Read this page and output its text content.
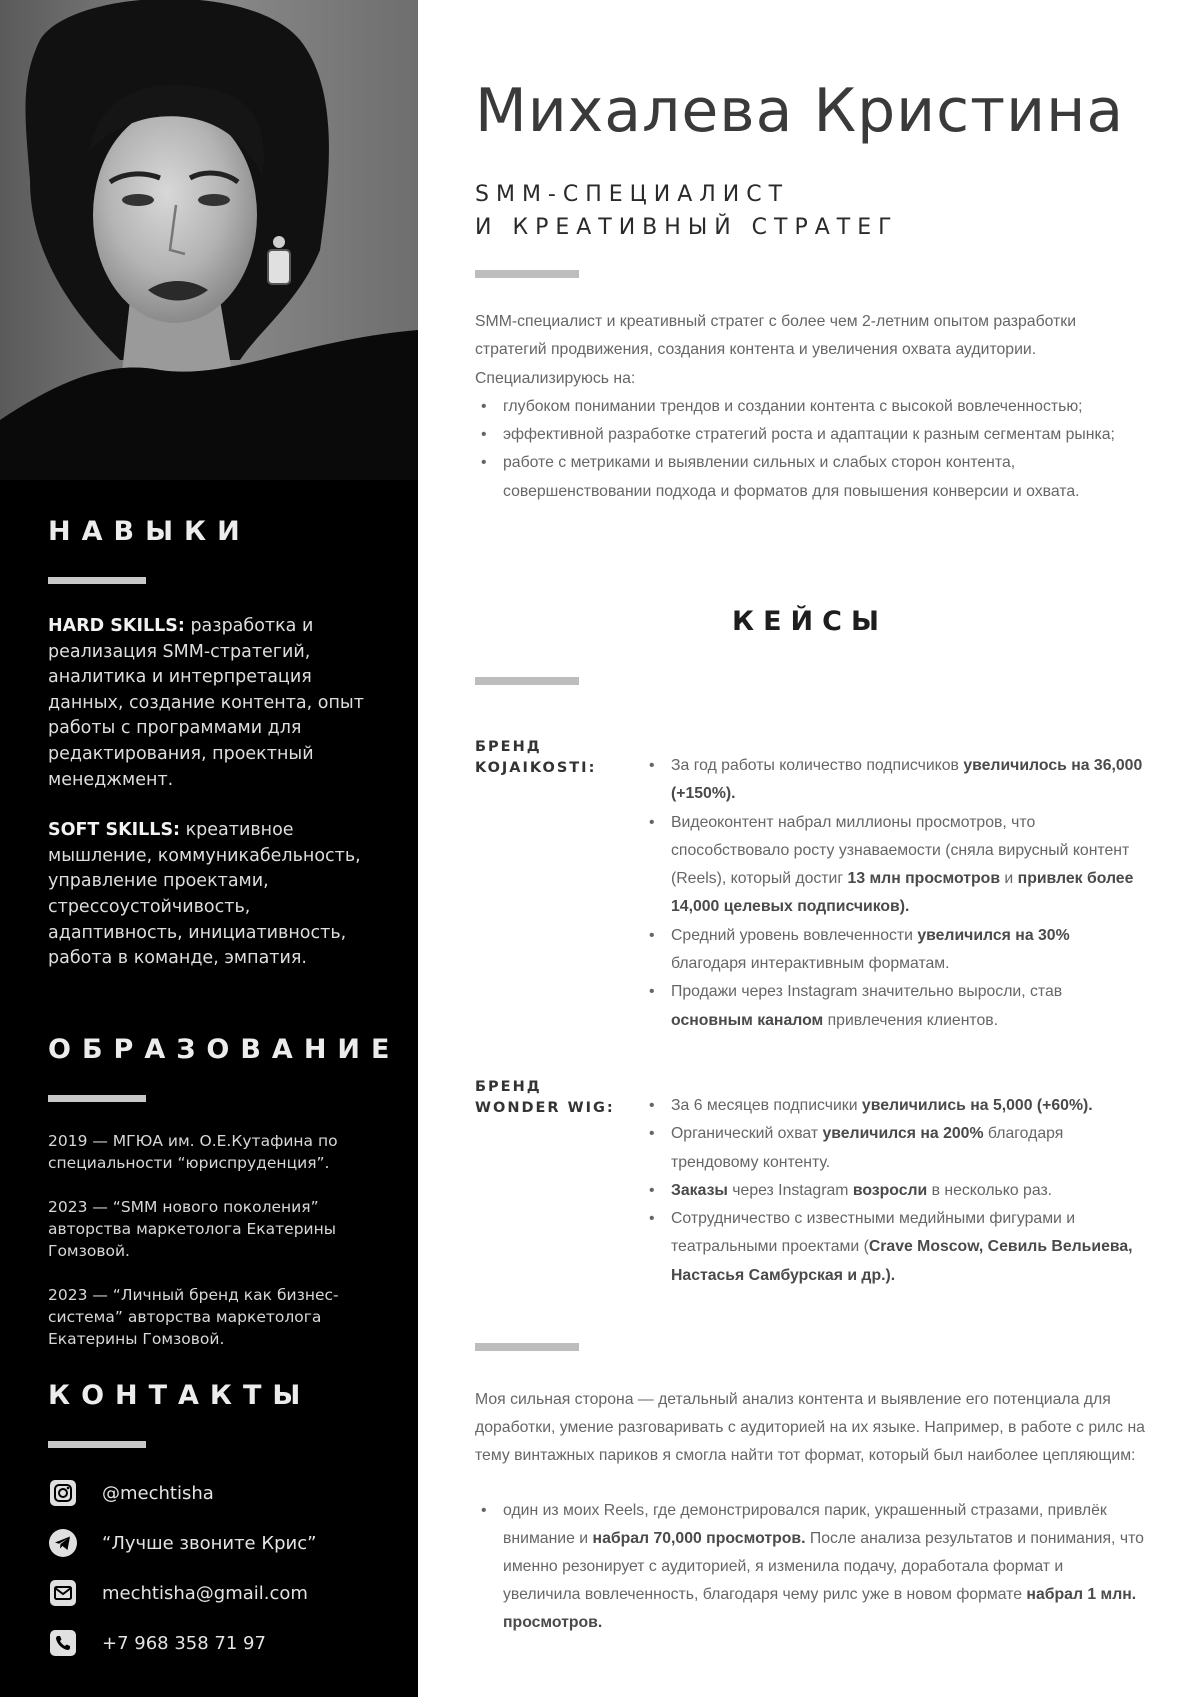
НАВЫКИ
HARD SKILLS: разработка и реализация SMM-стратегий, аналитика и интерпретация данных, создание контента, опыт работы с программами для редактирования, проектный менеджмент.
SOFT SKILLS: креативное мышление, коммуникабельность, управление проектами, стрессоустойчивость, адаптивность, инициативность, работа в команде, эмпатия.
ОБРАЗОВАНИЕ
2019 — МГЮА им. О.Е.Кутафина по специальности “юриспруденция”.
2023 — “SMM нового поколения” авторства маркетолога Екатерины Гомзовой.
2023 — “Личный бренд как бизнес-система” авторства маркетолога Екатерины Гомзовой.
КОНТАКТЫ
@mechtisha
“Лучше звоните Крис”
mechtisha@gmail.com
+7 968 358 71 97
Михалева Кристина
SMM-СПЕЦИАЛИСТ
И КРЕАТИВНЫЙ СТРАТЕГ
SMM-специалист и креативный стратег с более чем 2-летним опытом разработки стратегий продвижения, создания контента и увеличения охвата аудитории. Специализируюсь на:
• глубоком понимании трендов и создании контента с высокой вовлеченностью;
• эффективной разработке стратегий роста и адаптации к разным сегментам рынка;
• работе с метриками и выявлении сильных и слабых сторон контента, совершенствовании подхода и форматов для повышения конверсии и охвата.
КЕЙСЫ
БРЕНД
KOJAIKOSTI:	• За год работы количество подписчиков увеличилось на 36,000 (+150%).
• Видеоконтент набрал миллионы просмотров, что способствовало росту узнаваемости (сняла вирусный контент (Reels), который достиг 13 млн просмотров и привлек более 14,000 целевых подписчиков).
• Средний уровень вовлеченности увеличился на 30% благодаря интерактивным форматам.
• Продажи через Instagram значительно выросли, став основным каналом привлечения клиентов.
БРЕНД
WONDER WIG:	• За 6 месяцев подписчики увеличились на 5,000 (+60%).
• Органический охват увеличился на 200% благодаря трендовому контенту.
• Заказы через Instagram возросли в несколько раз.
• Сотрудничество с известными медийными фигурами и театральными проектами (Crave Moscow, Севиль Вельиева, Настасья Самбурская и др.).
Моя сильная сторона — детальный анализ контента и выявление его потенциала для доработки, умение разговаривать с аудиторией на их языке. Например, в работе с рилс на тему винтажных париков я смогла найти тот формат, который был наиболее цепляющим:
• один из моих Reels, где демонстрировался парик, украшенный стразами, привлёк внимание и набрал 70,000 просмотров. После анализа результатов и понимания, что именно резонирует с аудиторией, я изменила подачу, доработала формат и увеличила вовлеченность, благодаря чему рилс уже в новом формате набрал 1 млн. просмотров.
